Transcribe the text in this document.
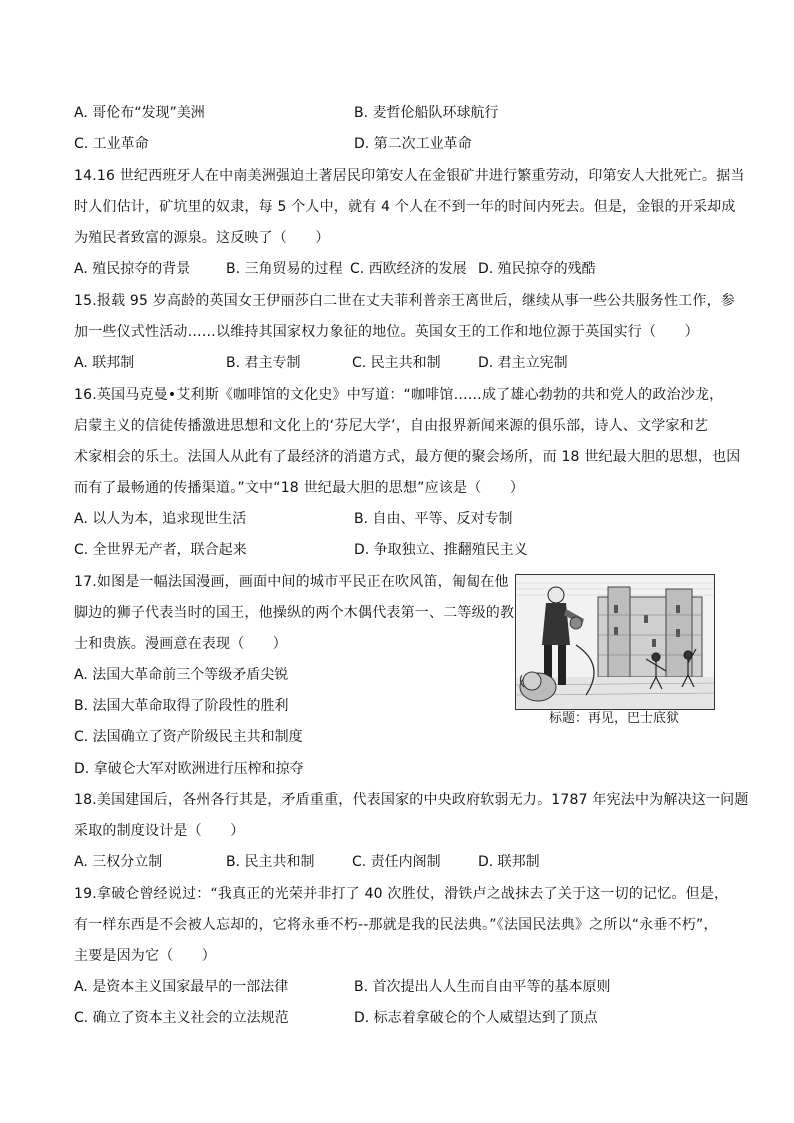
A. 哥伦布“发现”美洲	B. 麦哲伦船队环球航行
C. 工业革命	D. 第二次工业革命
14.16 世纪西班牙人在中南美洲强迫土著居民印第安人在金银矿井进行繁重劳动，印第安人大批死亡。据当
时人们估计，矿坑里的奴隶，每 5 个人中，就有 4 个人在不到一年的时间内死去。但是，金银的开采却成
为殖民者致富的源泉。这反映了（　　）
A. 殖民掠夺的背景	B. 三角贸易的过程 C. 西欧经济的发展 D. 殖民掠夺的残酷
15.报载 95 岁高龄的英国女王伊丽莎白二世在丈夫菲利普亲王离世后，继续从事一些公共服务性工作，参
加一些仪式性活动……以维持其国家权力象征的地位。英国女王的工作和地位源于英国实行（　　）
A. 联邦制	B. 君主专制	C. 民主共和制	D. 君主立宪制
16.英国马克曼•艾利斯《咖啡馆的文化史》中写道：“咖啡馆……成了雄心勃勃的共和党人的政治沙龙，
启蒙主义的信徒传播激进思想和文化上的‘芬尼大学’，自由报界新闻来源的俱乐部，诗人、文学家和艺
术家相会的乐土。法国人从此有了最经济的消遣方式，最方便的聚会场所，而 18 世纪最大胆的思想，也因
而有了最畅通的传播渠道。”文中“18 世纪最大胆的思想”应该是（　　）
A. 以人为本，追求现世生活	B. 自由、平等、反对专制
C. 全世界无产者，联合起来	D. 争取独立、推翻殖民主义
17.如图是一幅法国漫画，画面中间的城市平民正在吹风笛，匍匐在他
脚边的狮子代表当时的国王，他操纵的两个木偶代表第一、二等级的教
士和贵族。漫画意在表现（　　）
A. 法国大革命前三个等级矛盾尖锐
B. 法国大革命取得了阶段性的胜利
C. 法国确立了资产阶级民主共和制度
D. 拿破仑大军对欧洲进行压榨和掠夺
标题：再见，巴士底狱
18.美国建国后，各州各行其是，矛盾重重，代表国家的中央政府软弱无力。1787 年宪法中为解决这一问题
采取的制度设计是（　　）
A. 三权分立制	B. 民主共和制	C. 责任内阁制	D. 联邦制
19.拿破仑曾经说过：“我真正的光荣并非打了 40 次胜仗，滑铁卢之战抹去了关于这一切的记忆。但是，
有一样东西是不会被人忘却的，它将永垂不朽--那就是我的民法典。”《法国民法典》之所以“永垂不朽”，
主要是因为它（　　）
A. 是资本主义国家最早的一部法律	B. 首次提出人人生而自由平等的基本原则
C. 确立了资本主义社会的立法规范	D. 标志着拿破仑的个人威望达到了顶点
